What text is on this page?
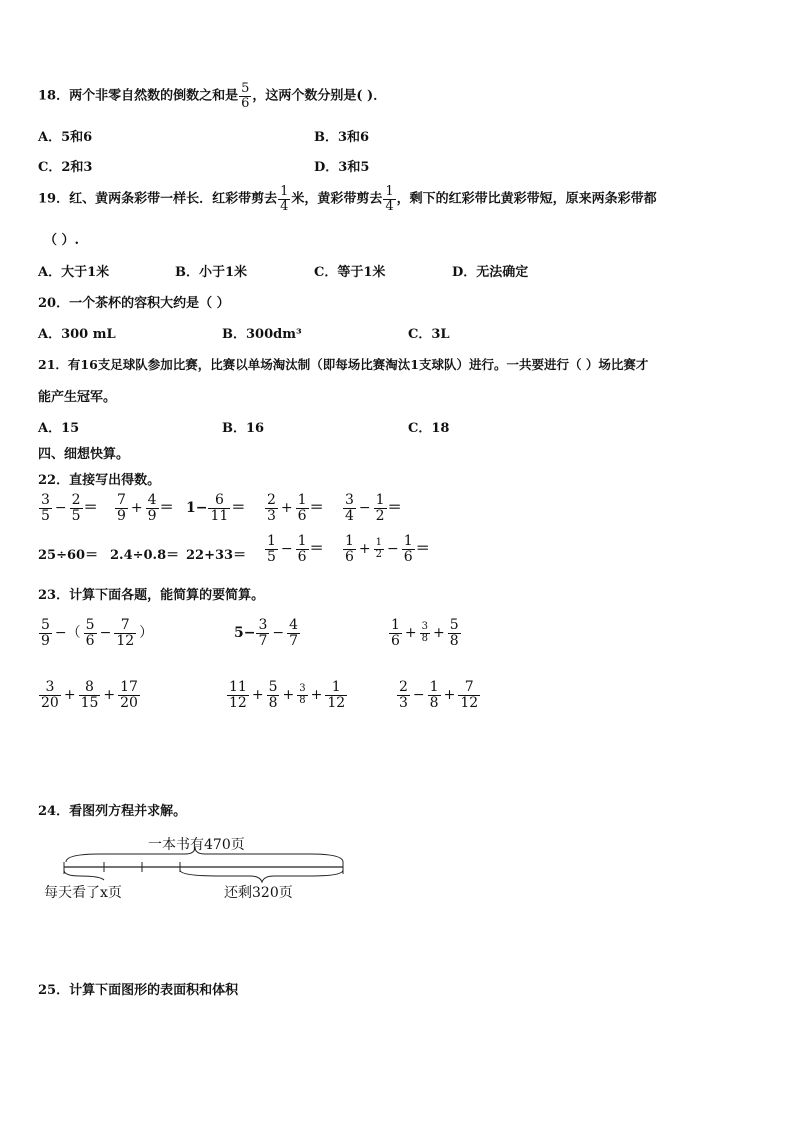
18．两个非零自然数的倒数之和是 $\frac{5}{6}$ ，这两个数分别是( )．
A．5和6	B．3和6
C．2和3	D．3和5
19．红、黄两条彩带一样长．红彩带剪去 $\frac{1}{4}$ 米，黄彩带剪去 $\frac{1}{4}$ ，剩下的红彩带比黄彩带短，原来两条彩带都
（ ）.
A．大于1米	B．小于1米	C．等于1米	D．无法确定
20．一个茶杯的容积大约是（ ）
A．300 mL	B．300dm³	C．3L
21．有16支足球队参加比赛，比赛以单场淘汰制（即每场比赛淘汰1支球队）进行。一共要进行（ ）场比赛才
能产生冠军。
A．15	B．16	C．18
四、细想快算。
22．直接写出得数。
$\frac{3}{5} - \frac{2}{5} = \frac{7}{9} + \frac{4}{9} = 1- \frac{6}{11} = \frac{2}{3} + \frac{1}{6} = \frac{3}{4} - \frac{1}{2}$ ＝
$25\div 60= 2.4\div 0.8= 22+33= \frac{1}{5} - \frac{1}{6} = \frac{1}{6} + \frac{1}{2} - \frac{1}{6}$ ＝
23．计算下面各题，能简算的要简算。
$\frac{5}{9}$ −（ $\frac{5}{6} - \frac{7}{12}$ ）	$5- \frac{3}{7} - \frac{4}{7}$	$\frac{1}{6} + \frac{3}{8} + \frac{5}{8}$
$\frac{3}{20} + \frac{8}{15} + \frac{17}{20}$	$\frac{11}{12} + \frac{5}{8} + \frac{3}{8} + \frac{1}{12}$	$\frac{2}{3} - \frac{1}{8} + \frac{7}{12}$
24．看图列方程并求解。
一本书有470页
每天看了x页	还剩320页
25．计算下面图形的表面积和体积
